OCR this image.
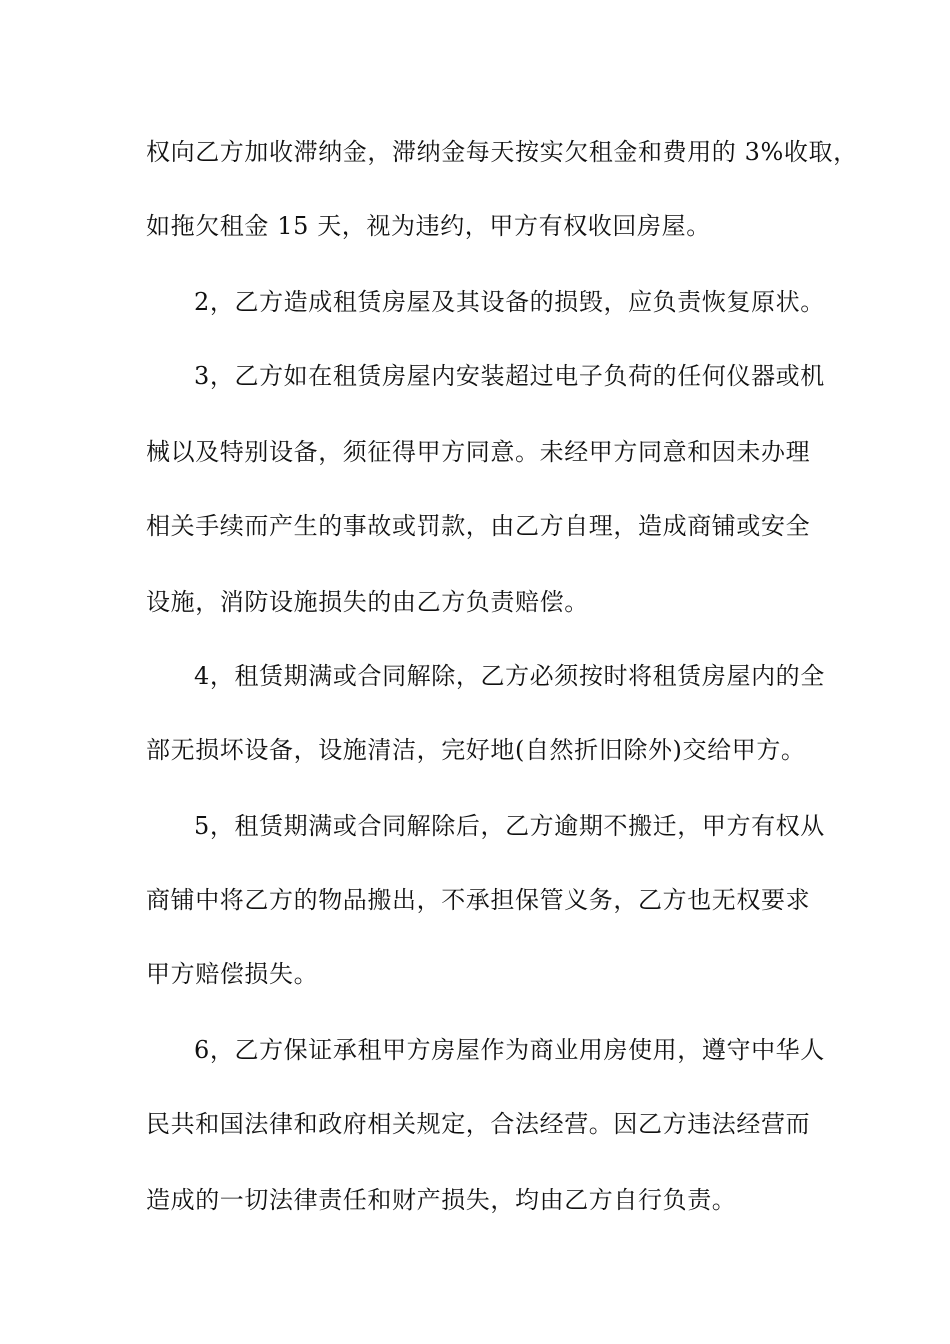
权向乙方加收滞纳金，滞纳金每天按实欠租金和费用的 3%收取，
如拖欠租金 15 天，视为违约，甲方有权收回房屋。
2，乙方造成租赁房屋及其设备的损毁，应负责恢复原状。
3，乙方如在租赁房屋内安装超过电子负荷的任何仪器或机
械以及特别设备，须征得甲方同意。未经甲方同意和因未办理
相关手续而产生的事故或罚款，由乙方自理，造成商铺或安全
设施，消防设施损失的由乙方负责赔偿。
4，租赁期满或合同解除，乙方必须按时将租赁房屋内的全
部无损坏设备，设施清洁，完好地(自然折旧除外)交给甲方。
5，租赁期满或合同解除后，乙方逾期不搬迁，甲方有权从
商铺中将乙方的物品搬出，不承担保管义务，乙方也无权要求
甲方赔偿损失。
6，乙方保证承租甲方房屋作为商业用房使用，遵守中华人
民共和国法律和政府相关规定，合法经营。因乙方违法经营而
造成的一切法律责任和财产损失，均由乙方自行负责。
